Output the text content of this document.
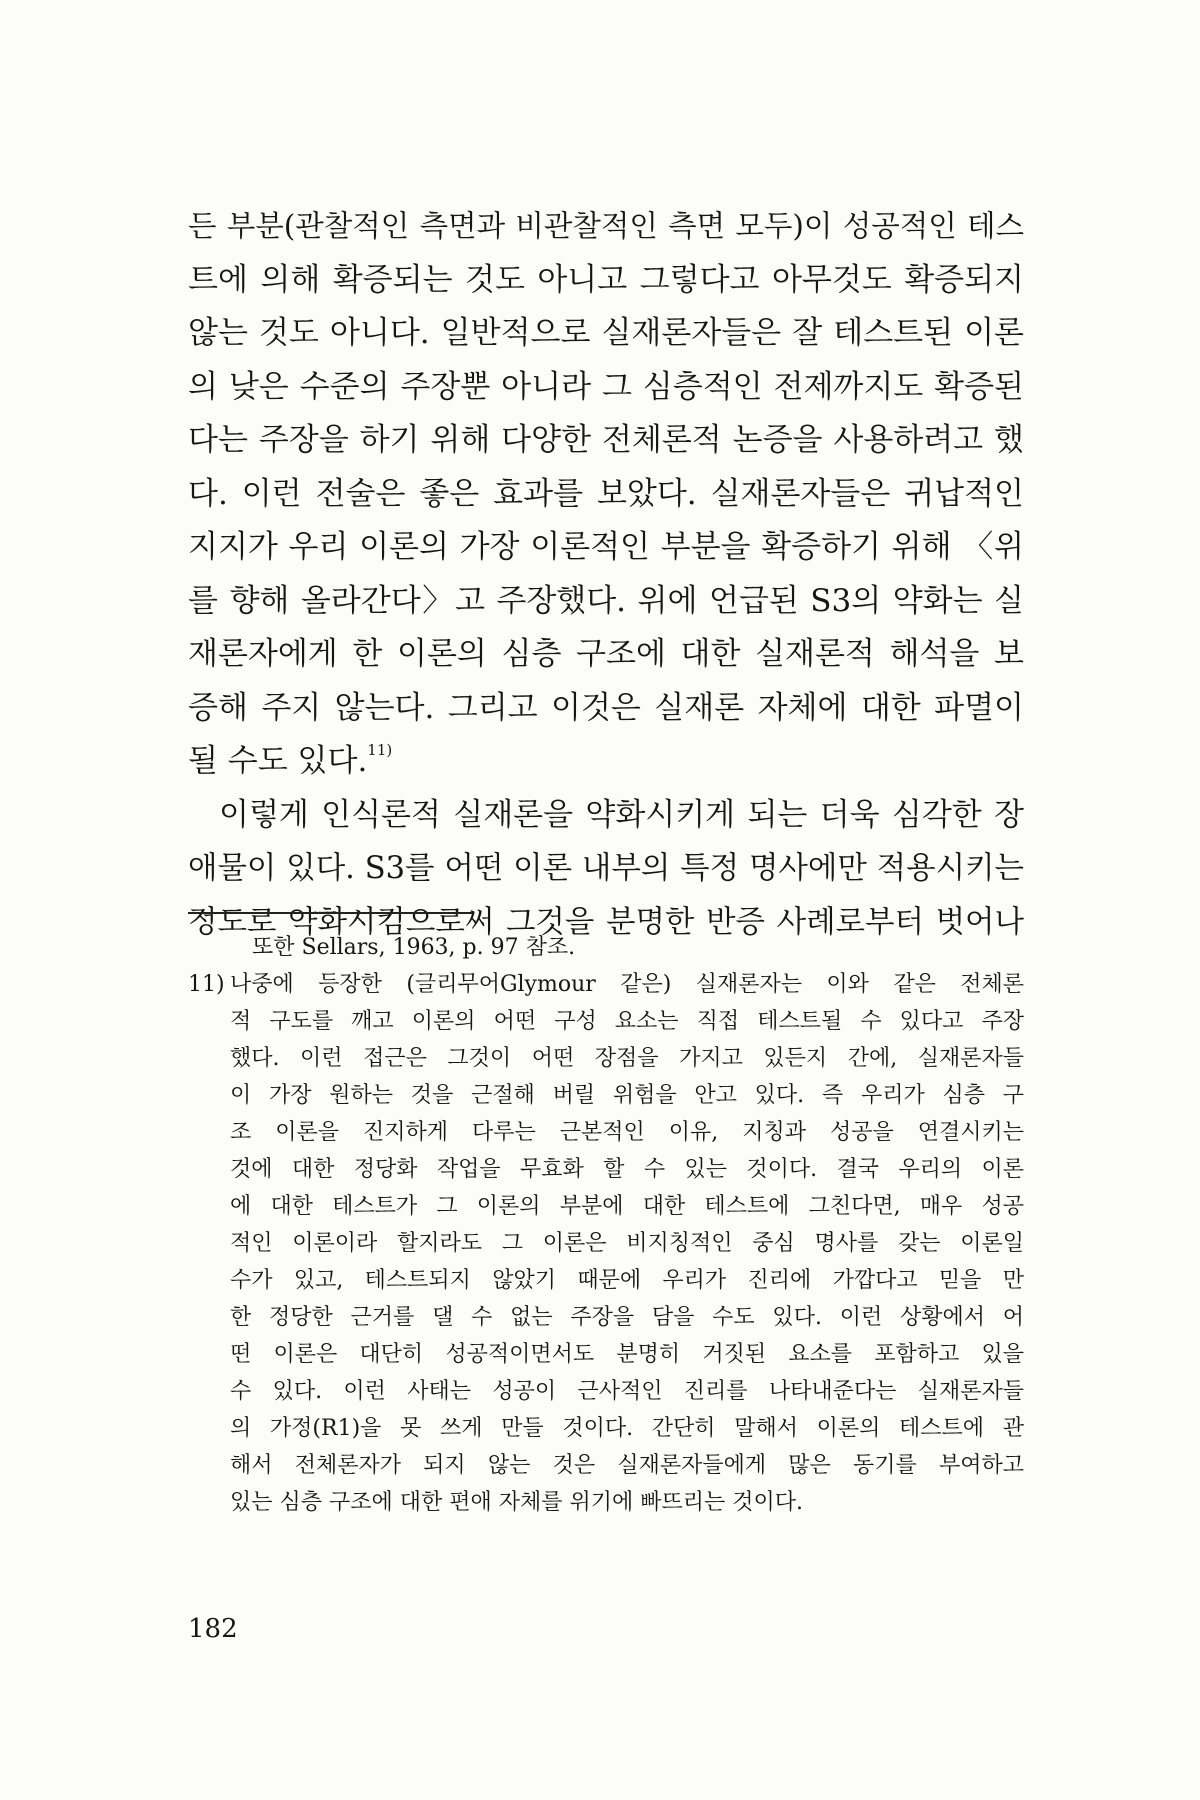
든 부분(관찰적인 측면과 비관찰적인 측면 모두)이 성공적인 테스
트에 의해 확증되는 것도 아니고 그렇다고 아무것도 확증되지
않는 것도 아니다. 일반적으로 실재론자들은 잘 테스트된 이론
의 낮은 수준의 주장뿐 아니라 그 심층적인 전제까지도 확증된
다는 주장을 하기 위해 다양한 전체론적 논증을 사용하려고 했
다. 이런 전술은 좋은 효과를 보았다. 실재론자들은 귀납적인
지지가 우리 이론의 가장 이론적인 부분을 확증하기 위해 〈위
를 향해 올라간다〉고 주장했다. 위에 언급된 S3의 약화는 실
재론자에게 한 이론의 심층 구조에 대한 실재론적 해석을 보
증해 주지 않는다. 그리고 이것은 실재론 자체에 대한 파멸이
될 수도 있다.$^{11)}$
이렇게 인식론적 실재론을 약화시키게 되는 더욱 심각한 장
애물이 있다. S3를 어떤 이론 내부의 특정 명사에만 적용시키는
정도로 약화시킴으로써 그것을 분명한 반증 사례로부터 벗어나
또한 Sellars, 1963, p. 97 참조.
11) 나중에 등장한 (글리무어Glymour 같은) 실재론자는 이와 같은 전체론
적 구도를 깨고 이론의 어떤 구성 요소는 직접 테스트될 수 있다고 주장
했다. 이런 접근은 그것이 어떤 장점을 가지고 있든지 간에, 실재론자들
이 가장 원하는 것을 근절해 버릴 위험을 안고 있다. 즉 우리가 심층 구
조 이론을 진지하게 다루는 근본적인 이유, 지칭과 성공을 연결시키는
것에 대한 정당화 작업을 무효화 할 수 있는 것이다. 결국 우리의 이론
에 대한 테스트가 그 이론의 부분에 대한 테스트에 그친다면, 매우 성공
적인 이론이라 할지라도 그 이론은 비지칭적인 중심 명사를 갖는 이론일
수가 있고, 테스트되지 않았기 때문에 우리가 진리에 가깝다고 믿을 만
한 정당한 근거를 댈 수 없는 주장을 담을 수도 있다. 이런 상황에서 어
떤 이론은 대단히 성공적이면서도 분명히 거짓된 요소를 포함하고 있을
수 있다. 이런 사태는 성공이 근사적인 진리를 나타내준다는 실재론자들
의 가정(R1)을 못 쓰게 만들 것이다. 간단히 말해서 이론의 테스트에 관
해서 전체론자가 되지 않는 것은 실재론자들에게 많은 동기를 부여하고
있는 심층 구조에 대한 편애 자체를 위기에 빠뜨리는 것이다.
182
